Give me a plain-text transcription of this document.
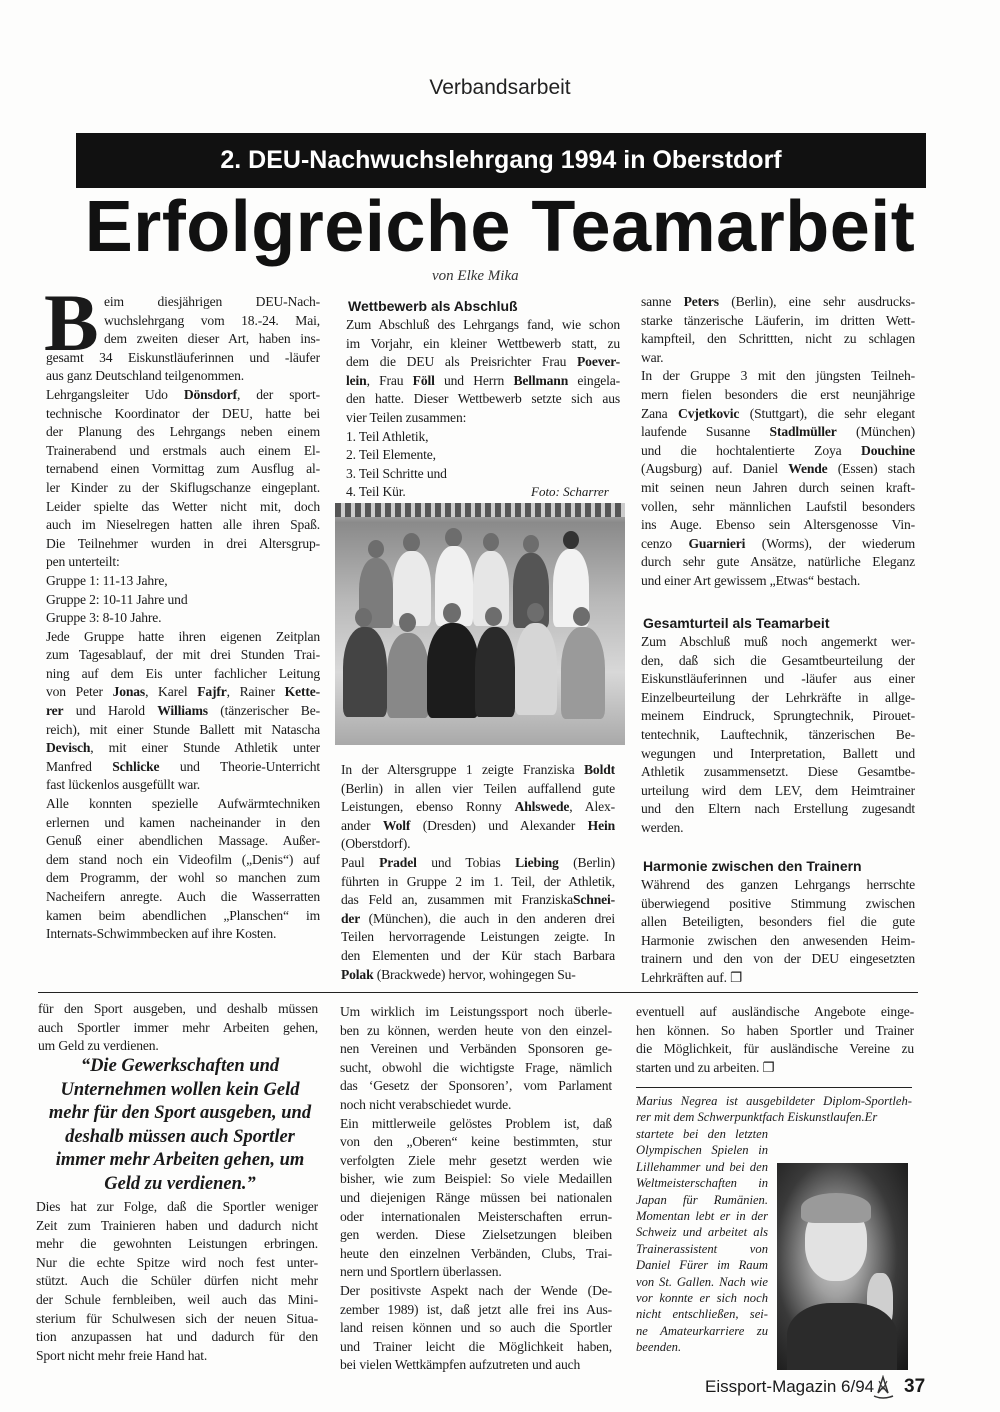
Verbandsarbeit
2. DEU-Nachwuchslehrgang 1994 in Oberstdorf
Erfolgreiche Teamarbeit
von Elke Mika
B eim diesjährigen DEU-Nach-
wuchslehrgang vom 18.-24. Mai,
dem zweiten dieser Art, haben ins-
gesamt 34 Eiskunstläuferinnen und -läufer
aus ganz Deutschland teilgenommen.
Lehrgangsleiter Udo Dönsdorf, der sport-
technische Koordinator der DEU, hatte bei
der Planung des Lehrgangs neben einem
Trainerabend und erstmals auch einem El-
ternabend einen Vormittag zum Ausflug al-
ler Kinder zu der Skiflugschanze eingeplant.
Leider spielte das Wetter nicht mit, doch
auch im Nieselregen hatten alle ihren Spaß.
Die Teilnehmer wurden in drei Altersgrup-
pen unterteilt:
Gruppe 1: 11-13 Jahre,
Gruppe 2: 10-11 Jahre und
Gruppe 3: 8-10 Jahre.
Jede Gruppe hatte ihren eigenen Zeitplan
zum Tagesablauf, der mit drei Stunden Trai-
ning auf dem Eis unter fachlicher Leitung
von Peter Jonas, Karel Fajfr, Rainer Kette-
rer und Harold Williams (tänzerischer Be-
reich), mit einer Stunde Ballett mit Natascha
Devisch, mit einer Stunde Athletik unter
Manfred Schlicke und Theorie-Unterricht
fast lückenlos ausgefüllt war.
Alle konnten spezielle Aufwärmtechniken
erlernen und kamen nacheinander in den
Genuß einer abendlichen Massage. Außer-
dem stand noch ein Videofilm („Denis“) auf
dem Programm, der wohl so manchen zum
Nacheifern anregte. Auch die Wasserratten
kamen beim abendlichen „Planschen“ im
Internats-Schwimmbecken auf ihre Kosten.
Wettbewerb als Abschluß
Zum Abschluß des Lehrgangs fand, wie schon
im Vorjahr, ein kleiner Wettbewerb statt, zu
dem die DEU als Preisrichter Frau Poever-
lein, Frau Föll und Herrn Bellmann eingela-
den hatte. Dieser Wettbewerb setzte sich aus
vier Teilen zusammen:
1. Teil Athletik,
2. Teil Elemente,
3. Teil Schritte und
4. Teil Kür.	Foto: Scharrer
In der Altersgruppe 1 zeigte Franziska Boldt
(Berlin) in allen vier Teilen auffallend gute
Leistungen, ebenso Ronny Ahlswede, Alex-
ander Wolf (Dresden) und Alexander Hein
(Oberstdorf).
Paul Pradel und Tobias Liebing (Berlin)
führten in Gruppe 2 im 1. Teil, der Athletik,
das Feld an, zusammen mit FranziskaSchnei-
der (München), die auch in den anderen drei
Teilen hervorragende Leistungen zeigte. In
den Elementen und der Kür stach Barbara
Polak (Brackwede) hervor, wohingegen Su-
sanne Peters (Berlin), eine sehr ausdrucks-
starke tänzerische Läuferin, im dritten Wett-
kampfteil, den Schrittten, nicht zu schlagen
war.
In der Gruppe 3 mit den jüngsten Teilneh-
mern fielen besonders die erst neunjährige
Zana Cvjetkovic (Stuttgart), die sehr elegant
laufende Susanne Stadlmüller (München)
und die hochtalentierte Zoya Douchine
(Augsburg) auf. Daniel Wende (Essen) stach
mit seinen neun Jahren durch seinen kraft-
vollen, sehr männlichen Laufstil besonders
ins Auge. Ebenso sein Altersgenosse Vin-
cenzo Guarnieri (Worms), der wiederum
durch sehr gute Ansätze, natürliche Eleganz
und einer Art gewissem „Etwas“ bestach.
Gesamturteil als Teamarbeit
Zum Abschluß muß noch angemerkt wer-
den, daß sich die Gesamtbeurteilung der
Eiskunstläuferinnen und -läufer aus einer
Einzelbeurteilung der Lehrkräfte in allge-
meinem Eindruck, Sprungtechnik, Pirouet-
tentechnik, Lauftechnik, tänzerischen Be-
wegungen und Interpretation, Ballett und
Athletik zusammensetzt. Diese Gesamtbe-
urteilung wird dem LEV, dem Heimtrainer
und den Eltern nach Erstellung zugesandt
werden.
Harmonie zwischen den Trainern
Während des ganzen Lehrgangs herrschte
überwiegend positive Stimmung zwischen
allen Beteiligten, besonders fiel die gute
Harmonie zwischen den anwesenden Heim-
trainern und den von der DEU eingesetzten
Lehrkräften auf. ❐
für den Sport ausgeben, und deshalb müssen
auch Sportler immer mehr Arbeiten gehen,
um Geld zu verdienen.
“Die Gewerkschaften und Unternehmen wollen kein Geld mehr für den Sport ausgeben, und deshalb müssen auch Sportler immer mehr Arbeiten gehen, um Geld zu verdienen.”
Dies hat zur Folge, daß die Sportler weniger
Zeit zum Trainieren haben und dadurch nicht
mehr die gewohnten Leistungen erbringen.
Nur die echte Spitze wird noch fest unter-
stützt. Auch die Schüler dürfen nicht mehr
der Schule fernbleiben, weil auch das Mini-
sterium für Schulwesen sich der neuen Situa-
tion anzupassen hat und dadurch für den
Sport nicht mehr freie Hand hat.
Um wirklich im Leistungssport noch überle-
ben zu können, werden heute von den einzel-
nen Vereinen und Verbänden Sponsoren ge-
sucht, obwohl die wichtigste Frage, nämlich
das ‘Gesetz der Sponsoren’, vom Parlament
noch nicht verabschiedet wurde.
Ein mittlerweile gelöstes Problem ist, daß
von den „Oberen“ keine bestimmten, stur
verfolgten Ziele mehr gesetzt werden wie
bisher, wie zum Beispiel: So viele Medaillen
und diejenigen Ränge müssen bei nationalen
oder internationalen Meisterschaften errun-
gen werden. Diese Zielsetzungen bleiben
heute den einzelnen Verbänden, Clubs, Trai-
nern und Sportlern überlassen.
Der positivste Aspekt nach der Wende (De-
zember 1989) ist, daß jetzt alle frei ins Aus-
land reisen können und so auch die Sportler
und Trainer leicht die Möglichkeit haben,
bei vielen Wettkämpfen aufzutreten und auch
eventuell auf ausländische Angebote einge-
hen können. So haben Sportler und Trainer
die Möglichkeit, für ausländische Vereine zu
starten und zu arbeiten. ❐
Marius Negrea ist ausgebildeter Diplom-Sportleh-
rer mit dem Schwerpunktfach Eiskunstlaufen.Er
startete bei den letzten
Olympischen Spielen in
Lillehammer und bei den
Weltmeisterschaften in
Japan für Rumänien.
Momentan lebt er in der
Schweiz und arbeitet als
Trainerassistent von
Daniel Fürer im Raum
von St. Gallen. Nach wie
vor konnte er sich noch
nicht entschließen, sei-
ne Amateurkarriere zu
beenden.
Eissport-Magazin 6/94 37
